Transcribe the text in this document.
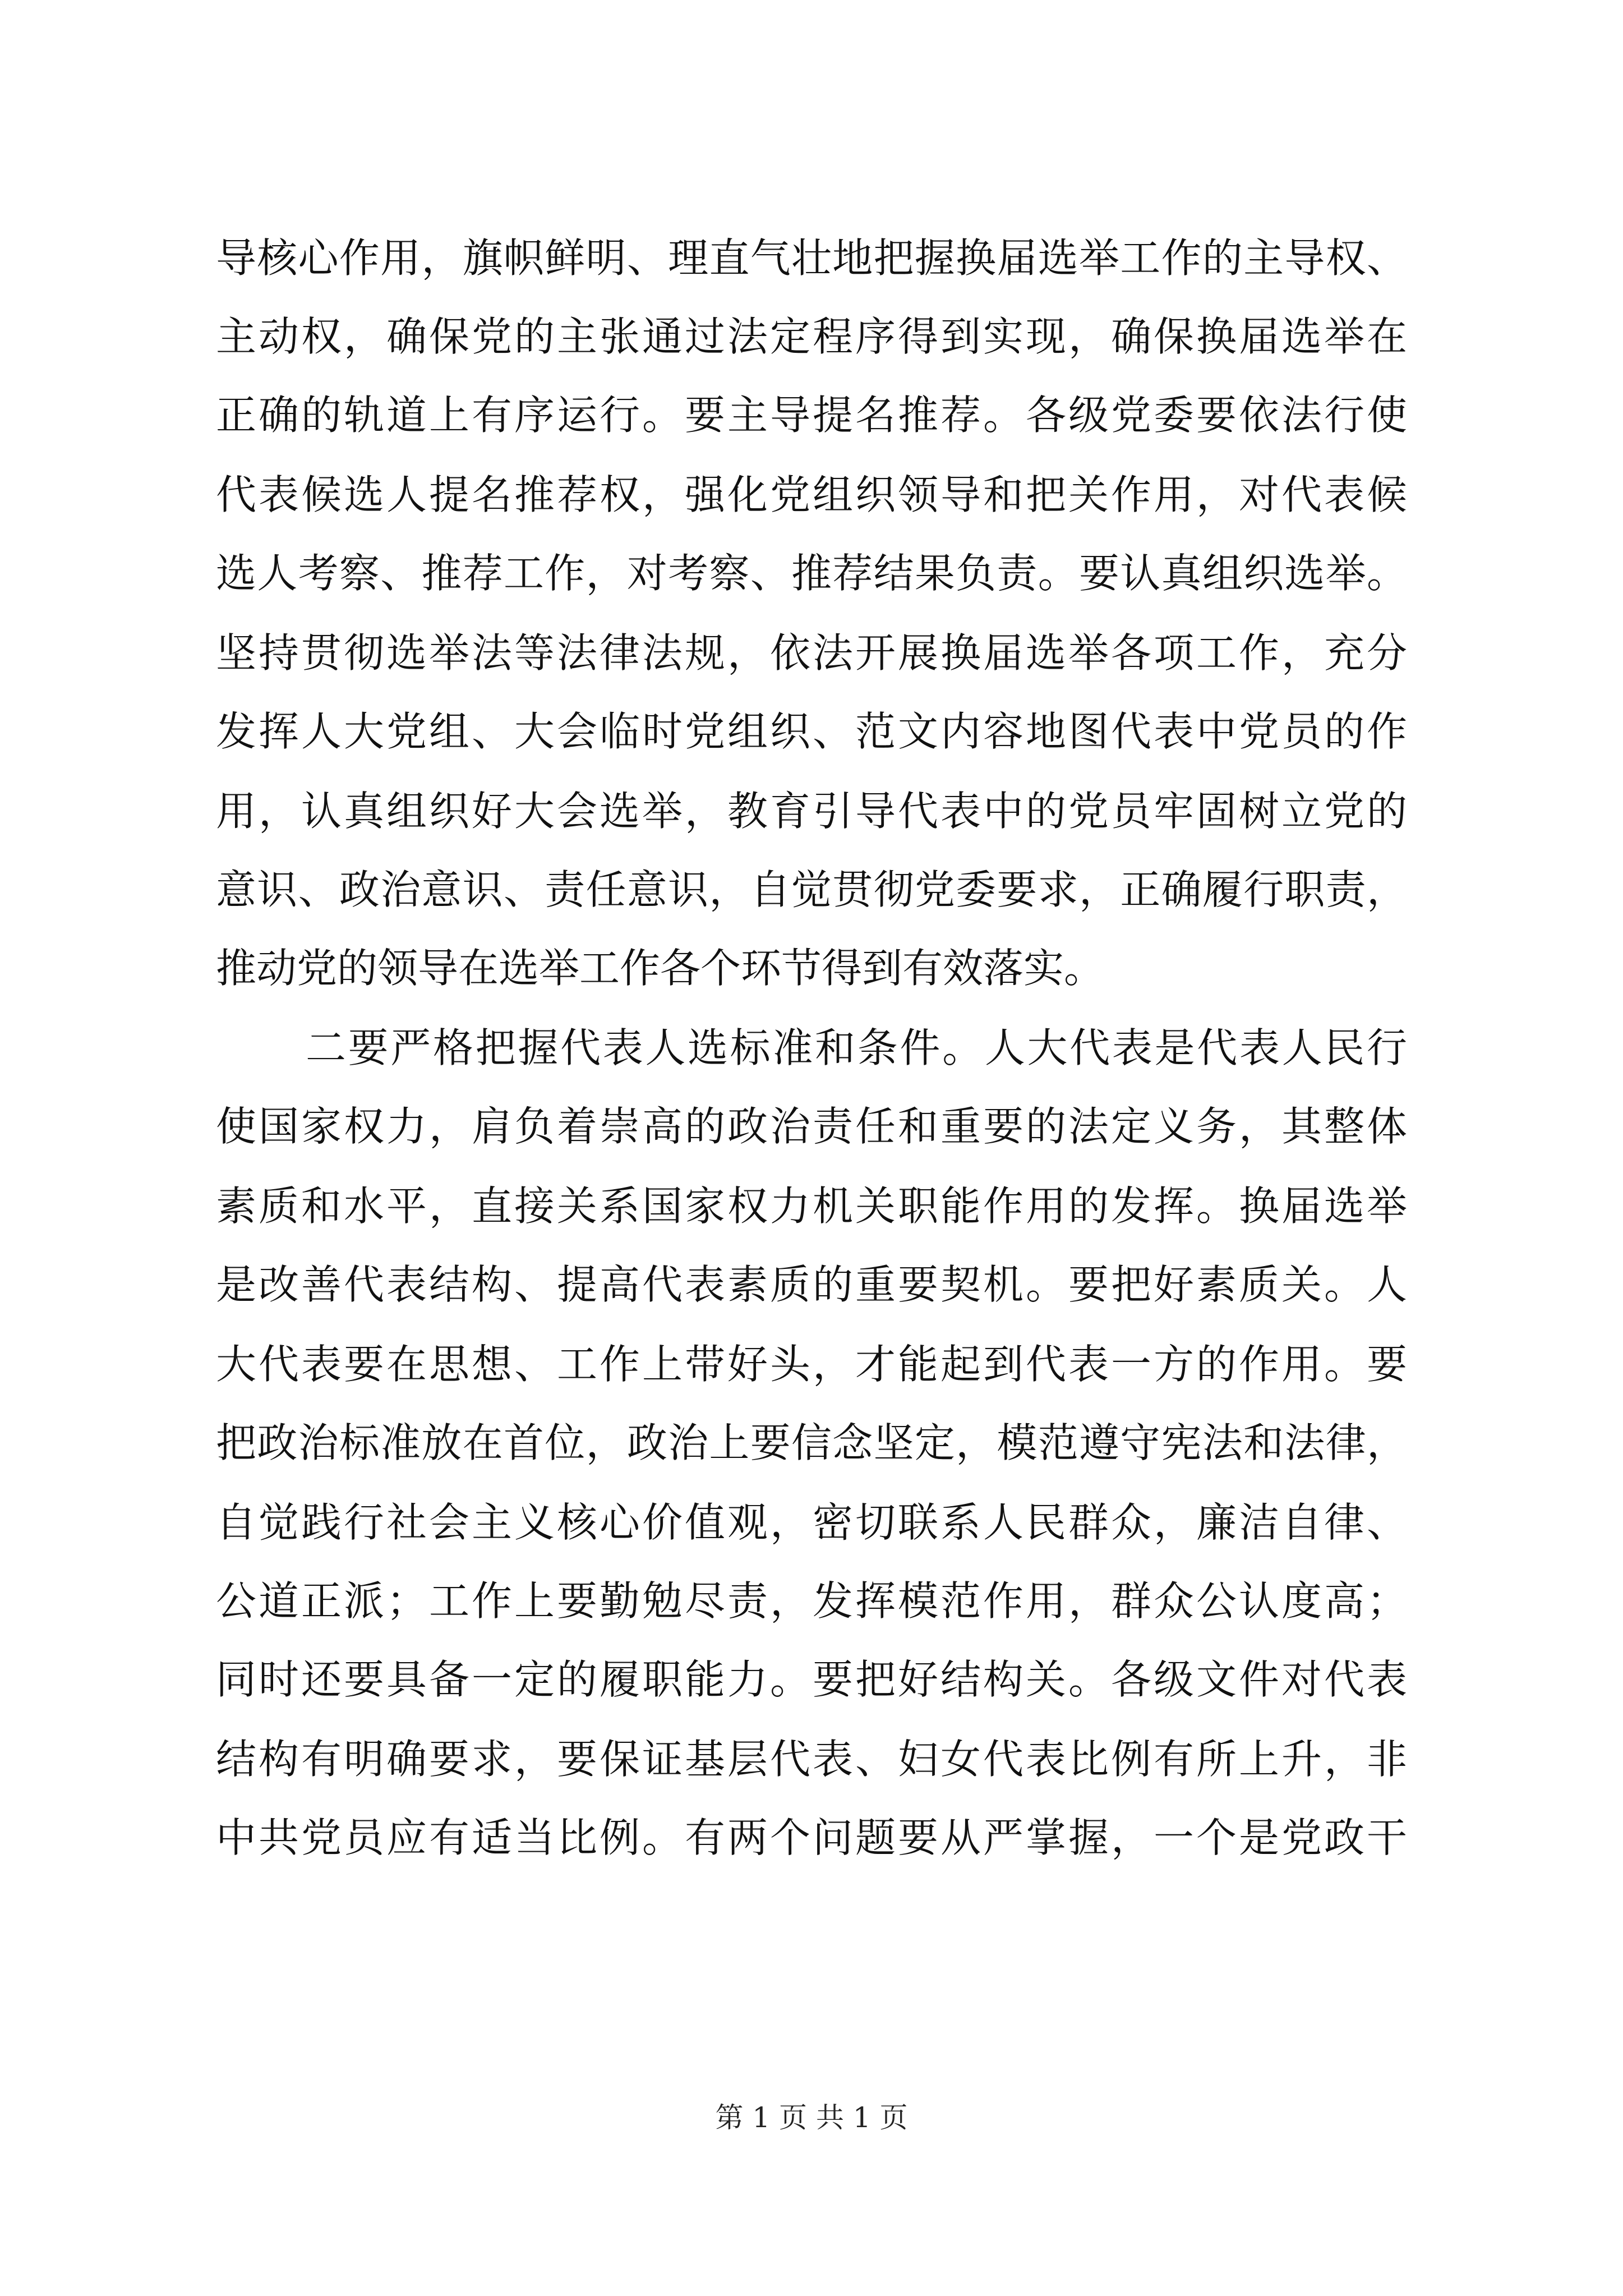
导核心作用，旗帜鲜明、理直气壮地把握换届选举工作的主导权、
主动权，确保党的主张通过法定程序得到实现，确保换届选举在
正确的轨道上有序运行。要主导提名推荐。各级党委要依法行使
代表候选人提名推荐权，强化党组织领导和把关作用，对代表候
选人考察、推荐工作，对考察、推荐结果负责。要认真组织选举。
坚持贯彻选举法等法律法规，依法开展换届选举各项工作，充分
发挥人大党组、大会临时党组织、范文内容地图代表中党员的作
用，认真组织好大会选举，教育引导代表中的党员牢固树立党的
意识、政治意识、责任意识，自觉贯彻党委要求，正确履行职责，
推动党的领导在选举工作各个环节得到有效落实。
二要严格把握代表人选标准和条件。人大代表是代表人民行
使国家权力，肩负着崇高的政治责任和重要的法定义务，其整体
素质和水平，直接关系国家权力机关职能作用的发挥。换届选举
是改善代表结构、提高代表素质的重要契机。要把好素质关。人
大代表要在思想、工作上带好头，才能起到代表一方的作用。要
把政治标准放在首位，政治上要信念坚定，模范遵守宪法和法律，
自觉践行社会主义核心价值观，密切联系人民群众，廉洁自律、
公道正派；工作上要勤勉尽责，发挥模范作用，群众公认度高；
同时还要具备一定的履职能力。要把好结构关。各级文件对代表
结构有明确要求，要保证基层代表、妇女代表比例有所上升，非
中共党员应有适当比例。有两个问题要从严掌握，一个是党政干
第 1 页 共 1 页
